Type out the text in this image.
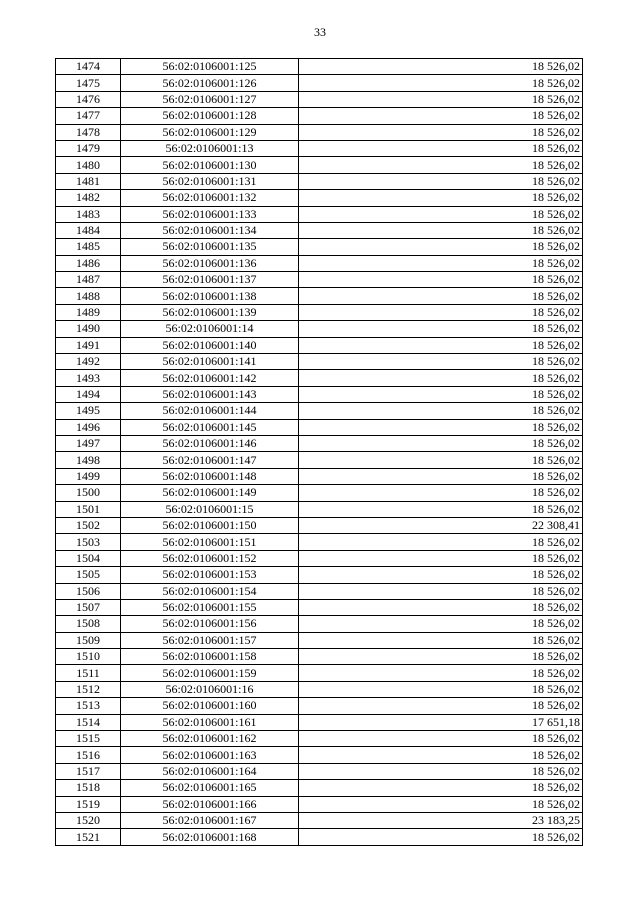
33
1474	56:02:0106001:125	18 526,02
1475	56:02:0106001:126	18 526,02
1476	56:02:0106001:127	18 526,02
1477	56:02:0106001:128	18 526,02
1478	56:02:0106001:129	18 526,02
1479	56:02:0106001:13	18 526,02
1480	56:02:0106001:130	18 526,02
1481	56:02:0106001:131	18 526,02
1482	56:02:0106001:132	18 526,02
1483	56:02:0106001:133	18 526,02
1484	56:02:0106001:134	18 526,02
1485	56:02:0106001:135	18 526,02
1486	56:02:0106001:136	18 526,02
1487	56:02:0106001:137	18 526,02
1488	56:02:0106001:138	18 526,02
1489	56:02:0106001:139	18 526,02
1490	56:02:0106001:14	18 526,02
1491	56:02:0106001:140	18 526,02
1492	56:02:0106001:141	18 526,02
1493	56:02:0106001:142	18 526,02
1494	56:02:0106001:143	18 526,02
1495	56:02:0106001:144	18 526,02
1496	56:02:0106001:145	18 526,02
1497	56:02:0106001:146	18 526,02
1498	56:02:0106001:147	18 526,02
1499	56:02:0106001:148	18 526,02
1500	56:02:0106001:149	18 526,02
1501	56:02:0106001:15	18 526,02
1502	56:02:0106001:150	22 308,41
1503	56:02:0106001:151	18 526,02
1504	56:02:0106001:152	18 526,02
1505	56:02:0106001:153	18 526,02
1506	56:02:0106001:154	18 526,02
1507	56:02:0106001:155	18 526,02
1508	56:02:0106001:156	18 526,02
1509	56:02:0106001:157	18 526,02
1510	56:02:0106001:158	18 526,02
1511	56:02:0106001:159	18 526,02
1512	56:02:0106001:16	18 526,02
1513	56:02:0106001:160	18 526,02
1514	56:02:0106001:161	17 651,18
1515	56:02:0106001:162	18 526,02
1516	56:02:0106001:163	18 526,02
1517	56:02:0106001:164	18 526,02
1518	56:02:0106001:165	18 526,02
1519	56:02:0106001:166	18 526,02
1520	56:02:0106001:167	23 183,25
1521	56:02:0106001:168	18 526,02
